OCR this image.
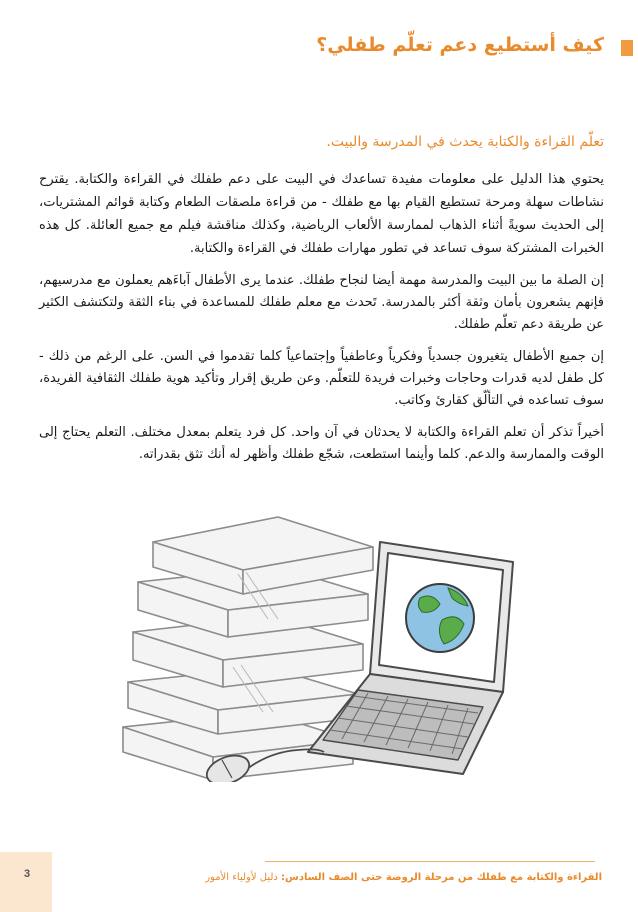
كيف أستطيع دعم تعلّم طفلي؟
تعلّم القراءة والكتابة يحدث في المدرسة والبيت.

يحتوي هذا الدليل على معلومات مفيدة تساعدك في البيت على دعم طفلك في القراءة والكتابة. يقترح نشاطات سهلة ومرحة تستطيع القيام بها مع طفلك - من قراءة ملصقات الطعام وكتابة قوائم المشتريات، إلى الحديث سويةً أثناء الذهاب لممارسة الألعاب الرياضية، وكذلك مناقشة فيلم مع جميع العائلة. كل هذه الخبرات المشتركة سوف تساعد في تطور مهارات طفلك في القراءة والكتابة.

إن الصلة ما بين البيت والمدرسة مهمة أيضا لنجاح طفلك. عندما يرى الأطفال آباءَهم يعملون مع مدرسيهم، فإنهم يشعرون بأمان وثقة أكثر بالمدرسة. تَحدث مع معلم طفلك للمساعدة في بناء الثقة ولتكتشف الكثير عن طريقة دعم تعلّم طفلك.

إن جميع الأطفال يتغيرون جسدياً وفكرياً وعاطفياً وإجتماعياً كلما تقدموا في السن. على الرغم من ذلك - كل طفل لديه قدرات وحاجات وخبرات فريدة للتعلّم. وعن طريق إقرار وتأكيد هوية طفلك الثقافية الفريدة، سوف تساعده في التألّق كقارئ وكاتب.

أخيراً تذكر أن تعلم القراءة والكتابة لا يحدثان في آن واحد. كل فرد يتعلم بمعدل مختلف. التعلم يحتاج إلى الوقت والممارسة والدعم. كلما وأينما استطعت، شجّع طفلك وأظهر له أنك تثق بقدراته.

القراءة والكتابة مع طفلك من مرحلة الروضة حتى الصف السادس: دليل لأولياء الأمور
3
